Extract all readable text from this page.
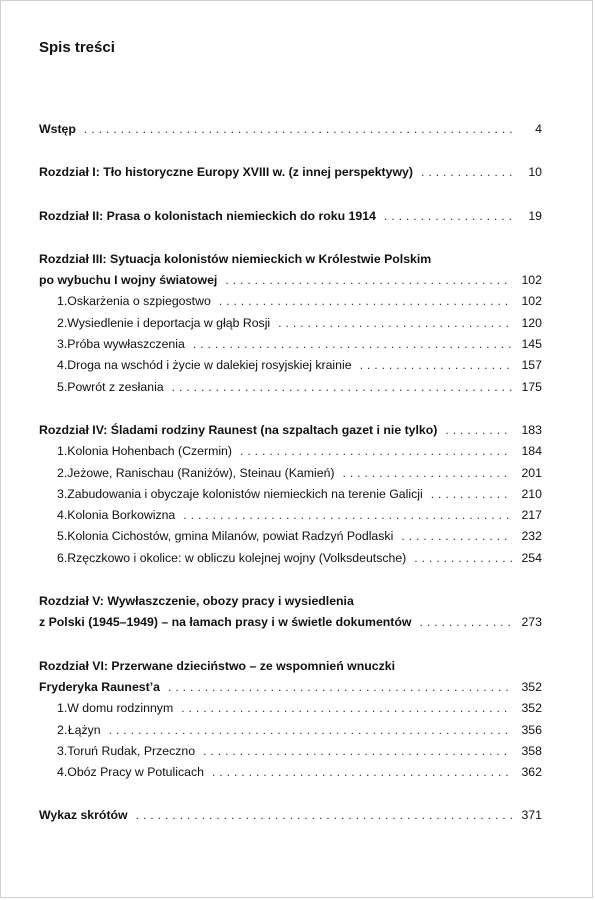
Spis treści
Wstęp . . .	4
Rozdział I: Tło historyczne Europy XVIII w. (z innej perspektywy) . . .	10
Rozdział II: Prasa o kolonistach niemieckich do roku 1914 . . .	19
Rozdział III: Sytuacja kolonistów niemieckich w Królestwie Polskim
po wybuchu I wojny światowej . . .	102
1. Oskarżenia o szpiegostwo . . .	102
2. Wysiedlenie i deportacja w głąb Rosji . . .	120
3. Próba wywłaszczenia . . .	145
4. Droga na wschód i życie w dalekiej rosyjskiej krainie . . .	157
5. Powrót z zesłania . . .	175
Rozdział IV: Śladami rodziny Raunest (na szpaltach gazet i nie tylko) . . .	183
1. Kolonia Hohenbach (Czermin) . . .	184
2. Jeżowe, Ranischau (Raniżów), Steinau (Kamień) . . .	201
3. Zabudowania i obyczaje kolonistów niemieckich na terenie Galicji . . .	210
4. Kolonia Borkowizna . . .	217
5. Kolonia Cichostów, gmina Milanów, powiat Radzyń Podlaski . . .	232
6. Rzęczkowo i okolice: w obliczu kolejnej wojny (Volksdeutsche) . . .	254
Rozdział V: Wywłaszczenie, obozy pracy i wysiedlenia
z Polski (1945–1949) – na łamach prasy i w świetle dokumentów . . .	273
Rozdział VI: Przerwane dzieciństwo – ze wspomnień wnuczki
Fryderyka Raunest’a . . .	352
1. W domu rodzinnym . . .	352
2. Łążyn . . .	356
3. Toruń Rudak, Przeczno . . .	358
4. Obóz Pracy w Potulicach . . .	362
Wykaz skrótów . . .	371
